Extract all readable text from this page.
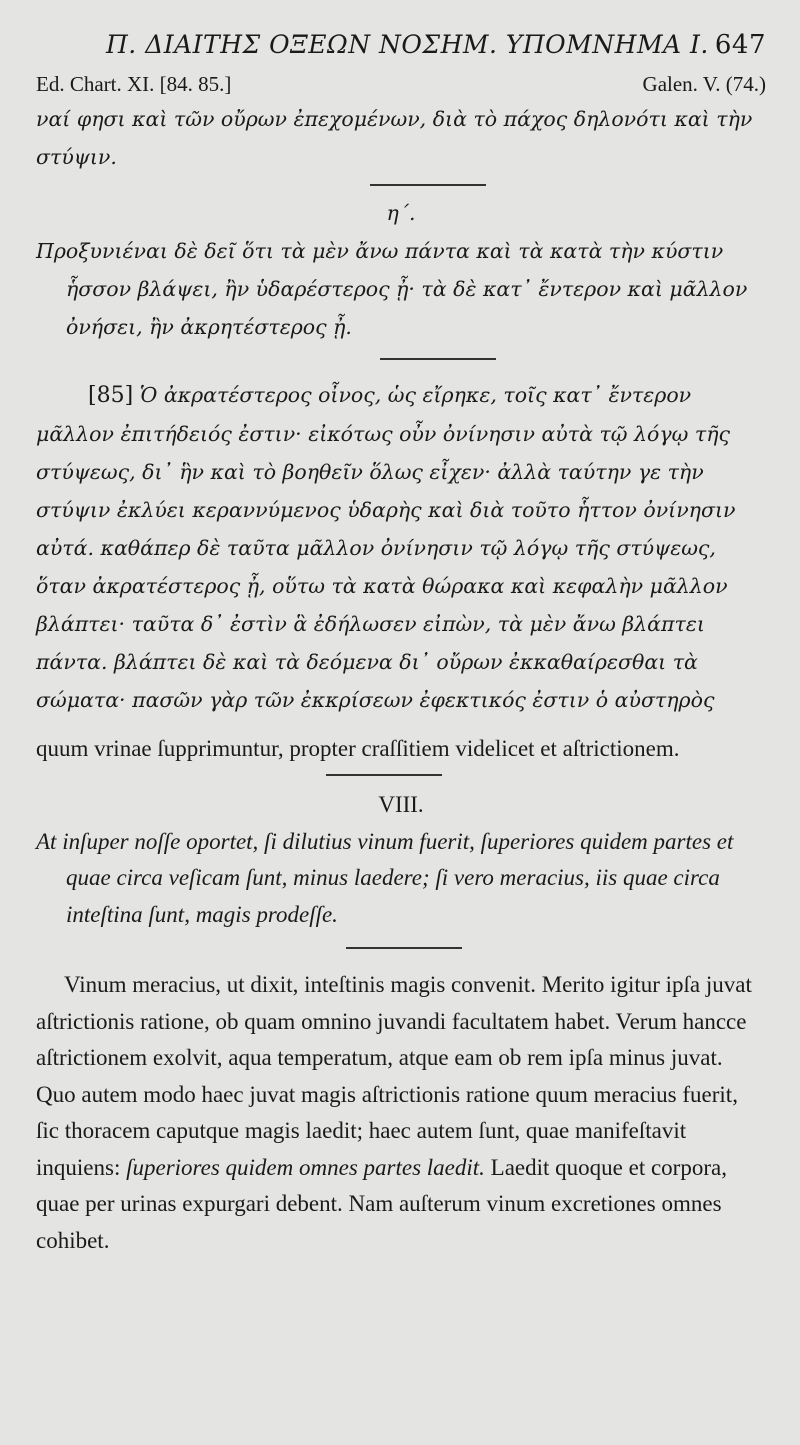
Π. ΔΙΑΙΤΗΣ ΟΞΕΩΝ ΝΟΣΗΜ. ΥΠΟΜΝΗΜΑ Ι. 647
Ed. Chart. XI. [84. 85.]	Galen. V. (74.)

ναί φησι καὶ τῶν οὔρων ἐπεχομένων, διὰ τὸ πάχος δηλονότι καὶ τὴν στύψιν.

η΄.

Προξυνιέναι δὲ δεῖ ὅτι τὰ μὲν ἄνω πάντα καὶ τὰ κατὰ τὴν κύστιν ἧσσον βλάψει, ἢν ὑδαρέστερος ᾖ· τὰ δὲ κατ᾽ ἔντερον καὶ μᾶλλον ὀνήσει, ἢν ἀκρητέστερος ᾖ.

[85] Ὁ ἀκρατέστερος οἶνος, ὡς εἴρηκε, τοῖς κατ᾽ ἔντερον μᾶλλον ἐπιτήδειός ἐστιν· εἰκότως οὖν ὀνίνησιν αὐτὰ τῷ λόγῳ τῆς στύψεως, δι᾽ ἣν καὶ τὸ βοηθεῖν ὅλως εἶχεν· ἀλλὰ ταύτην γε τὴν στύψιν ἐκλύει κεραννύμενος ὑδαρὴς καὶ διὰ τοῦτο ἧττον ὀνίνησιν αὐτά. καθάπερ δὲ ταῦτα μᾶλλον ὀνίνησιν τῷ λόγῳ τῆς στύψεως, ὅταν ἀκρατέστερος ᾖ, οὕτω τὰ κατὰ θώρακα καὶ κεφαλὴν μᾶλλον βλάπτει· ταῦτα δ᾽ ἐστὶν ἃ ἐδήλωσεν εἰπὼν, τὰ μὲν ἄνω βλάπτει πάντα. βλάπτει δὲ καὶ τὰ δεόμενα δι᾽ οὔρων ἐκκαθαίρεσθαι τὰ σώματα· πασῶν γὰρ τῶν ἐκκρίσεων ἐφεκτικός ἐστιν ὁ αὐστηρὸς

quum vrinae ſupprimuntur, propter craſſitiem videlicet et aſtrictionem.

VIII.

At inſuper noſſe oportet, ſi dilutius vinum fuerit, ſuperiores quidem partes et quae circa veſicam ſunt, minus laedere; ſi vero meracius, iis quae circa inteſtina ſunt, magis prodeſſe.

Vinum meracius, ut dixit, inteſtinis magis convenit. Merito igitur ipſa juvat aſtrictionis ratione, ob quam omnino juvandi facultatem habet. Verum hancce aſtrictionem exolvit, aqua temperatum, atque eam ob rem ipſa minus juvat. Quo autem modo haec juvat magis aſtrictionis ratione quum meracius fuerit, ſic thoracem caputque magis laedit; haec autem ſunt, quae manifeſtavit inquiens: ſuperiores quidem omnes partes laedit. Laedit quoque et corpora, quae per urinas expurgari debent. Nam auſterum vinum excretiones omnes cohibet.
